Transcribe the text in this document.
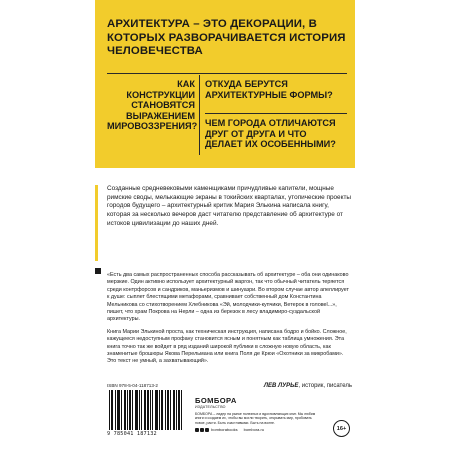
АРХИТЕКТУРА – ЭТО ДЕКОРАЦИИ, В КОТОРЫХ РАЗВОРАЧИВАЕТСЯ ИСТОРИЯ ЧЕЛОВЕЧЕСТВА

КАК КОНСТРУКЦИИ СТАНОВЯТСЯ ВЫРАЖЕНИЕМ МИРОВОЗЗРЕНИЯ?

ОТКУДА БЕРУТСЯ АРХИТЕКТУРНЫЕ ФОРМЫ?

ЧЕМ ГОРОДА ОТЛИЧАЮТСЯ ДРУГ ОТ ДРУГА И ЧТО ДЕЛАЕТ ИХ ОСОБЕННЫМИ?

Созданные средневековыми каменщиками причудливые капители, мощные римские своды, мелькающие экраны в токийских кварталах, утопические проекты городов будущего – архитектурный критик Мария Элькина написала книгу, которая за несколько вечеров даст читателю представление об архитектуре от истоков цивилизации до наших дней.

«Есть два самых распространенных способа рассказывать об архитектуре – оба они одинаково мерзкие. Один активно использует архитектурный жаргон, так что обычный читатель теряется среди контрфорсов и сандриков, маньеризмов и шинуазри. Во втором случае автор апеллирует к душе: сыплет блестящими метафорами, сравнивает собственный дом Константина Мельникова со стихотворением Хлебникова «Эй, молодчики-купчики, Ветерок в головеl...», пишет, что храм Покрова на Нерли – одна из березок в лесу владимиро-суздальской архитектуры.

Книга Марии Элькиной проста, как техническая инструкция, написана бодро и бойко. Сложное, кажущееся недоступным профану становится ясным и понятным как таблица умножения. Эта книга точно так же войдет в ряд изданий широкой публики в сложную новую область, как знаменитые брошюры Якова Перельмана или книга Поля де Крюи «Охотники за микробами». Это текст не умный, а захватывающий».

ЛЕВ ЛУРЬЕ, историк, писатель

ISBN 978-5-04-118713-2

9 785041 187132

БОМБОРА

ИЗДАТЕЛЬСТВО

БОМБОРА – лидер на рынке полезных и вдохновляющих книг. Мы любим книги и создаем их, чтобы вы могли творить, открывать мир, пробовать новое, расти. Быть счастливыми. Быть на волне.

bomborabooks bombora.ru	16+
